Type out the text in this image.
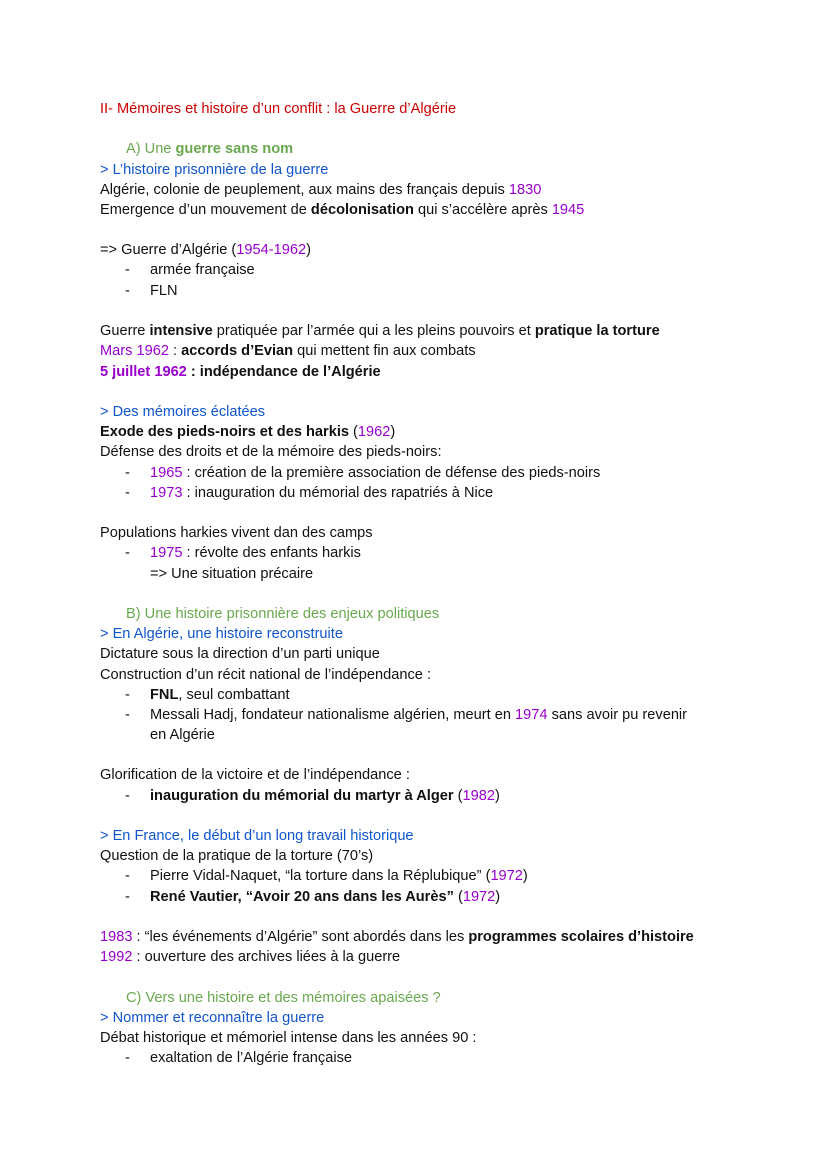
II- Mémoires et histoire d’un conflit : la Guerre d’Algérie
A) Une guerre sans nom
> L’histoire prisonnière de la guerre
Algérie, colonie de peuplement, aux mains des français depuis 1830
Emergence d’un mouvement de décolonisation qui s’accélère après 1945
=> Guerre d’Algérie (1954-1962)
- armée française
- FLN
Guerre intensive pratiquée par l’armée qui a les pleins pouvoirs et pratique la torture
Mars 1962 : accords d’Evian qui mettent fin aux combats
5 juillet 1962 : indépendance de l’Algérie
> Des mémoires éclatées
Exode des pieds-noirs et des harkis (1962)
Défense des droits et de la mémoire des pieds-noirs:
- 1965 : création de la première association de défense des pieds-noirs
- 1973 : inauguration du mémorial des rapatriés à Nice
Populations harkies vivent dan des camps
- 1975 : révolte des enfants harkis
=> Une situation précaire
B) Une histoire prisonnière des enjeux politiques
> En Algérie, une histoire reconstruite
Dictature sous la direction d’un parti unique
Construction d’un récit national de l’indépendance :
- FNL, seul combattant
- Messali Hadj, fondateur nationalisme algérien, meurt en 1974 sans avoir pu revenir
en Algérie
Glorification de la victoire et de l’indépendance :
- inauguration du mémorial du martyr à Alger (1982)
> En France, le début d’un long travail historique
Question de la pratique de la torture (70’s)
- Pierre Vidal-Naquet, “la torture dans la Réplubique” (1972)
- René Vautier, “Avoir 20 ans dans les Aurès” (1972)
1983 : “les événements d’Algérie” sont abordés dans les programmes scolaires d’histoire
1992 : ouverture des archives liées à la guerre
C) Vers une histoire et des mémoires apaisées ?
> Nommer et reconnaître la guerre
Débat historique et mémoriel intense dans les années 90 :
- exaltation de l’Algérie française
